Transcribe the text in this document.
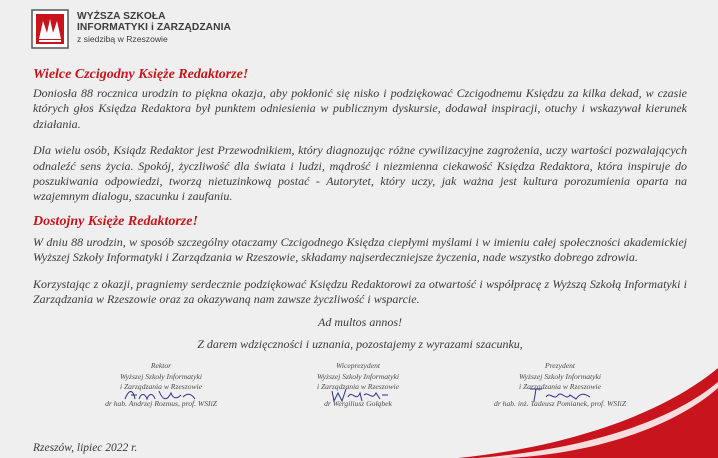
WYŻSZA SZKOŁA
INFORMATYKI i ZARZĄDZANIA
z siedzibą w Rzeszowie

Wielce Czcigodny Księże Redaktorze!

Doniosła 88 rocznica urodzin to piękna okazja, aby pokłonić się nisko i podziękować Czcigodnemu Księdzu za kilka dekad, w czasie których głos Księdza Redaktora był punktem odniesienia w publicznym dyskursie, dodawał inspiracji, otuchy i wskazywał kierunek działania.

Dla wielu osób, Ksiądz Redaktor jest Przewodnikiem, który diagnozując różne cywilizacyjne zagrożenia, uczy wartości pozwalających odnaleźć sens życia. Spokój, życzliwość dla świata i ludzi, mądrość i niezmienna ciekawość Księdza Redaktora, która inspiruje do poszukiwania odpowiedzi, tworzą nietuzinkową postać - Autorytet, który uczy, jak ważna jest kultura porozumienia oparta na wzajemnym dialogu, szacunku i zaufaniu.

Dostojny Księże Redaktorze!

W dniu 88 urodzin, w sposób szczególny otaczamy Czcigodnego Księdza ciepłymi myślami i w imieniu całej społeczności akademickiej Wyższej Szkoły Informatyki i Zarządzania w Rzeszowie, składamy najserdeczniejsze życzenia, nade wszystko dobrego zdrowia.

Korzystając z okazji, pragniemy serdecznie podziękować Księdzu Redaktorowi za otwartość i współpracę z Wyższą Szkołą Informatyki i Zarządzania w Rzeszowie oraz za okazywaną nam zawsze życzliwość i wsparcie.

Ad multos annos!

Z darem wdzięczności i uznania, pozostajemy z wyrazami szacunku,

Rektor
Wyższej Szkoły Informatyki
i Zarządzania w Rzeszowie
dr hab. Andrzej Rozmus, prof. WSIiZ
Wiceprezydent
Wyższej Szkoły Informatyki
i Zarządzania w Rzeszowie
dr Wergiliusz Gołąbek
Prezydent
Wyższej Szkoły Informatyki
i Zarządzania w Rzeszowie
dr hab. inż. Tadeusz Pomianek, prof. WSIiZ
Rzeszów, lipiec 2022 r.
